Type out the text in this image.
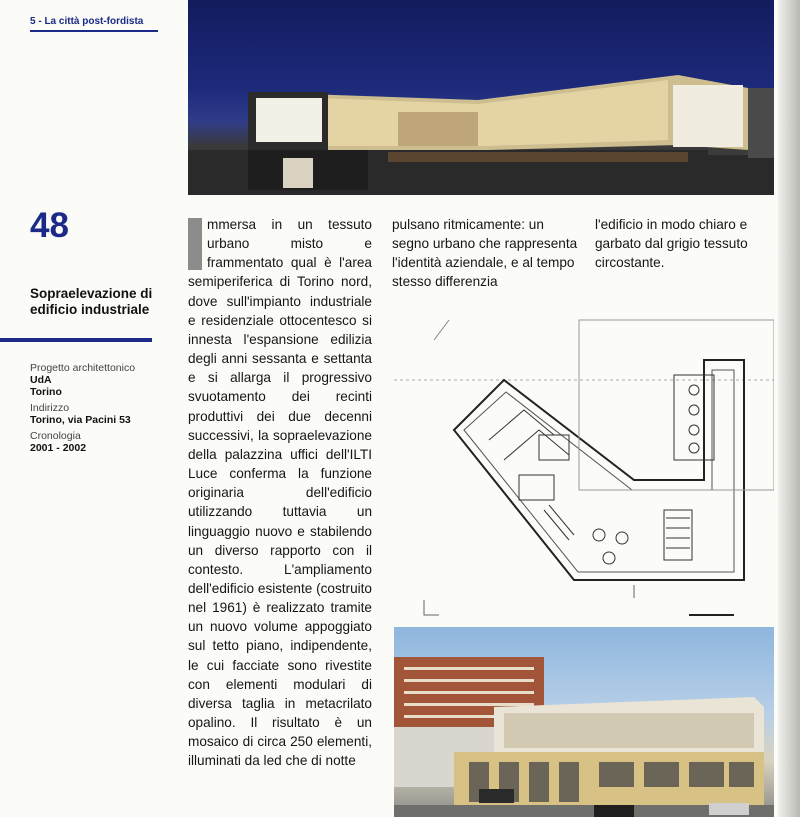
5 - La città post-fordista
48
Sopraelevazione di edificio industriale
Progetto architettonico
UdA
Torino
Indirizzo
Torino, via Pacini 53
Cronologia
2001 - 2002
mmersa in un tessuto urbano misto e frammentato qual è l'area semiperiferica di Torino nord, dove sull'impianto industriale e residenziale ottocentesco si innesta l'espansione edilizia degli anni sessanta e settanta e si allarga il progressivo svuotamento dei recinti produttivi dei due decenni successivi, la sopraelevazione della palazzina uffici dell'ILTI Luce conferma la funzione originaria dell'edificio utilizzando tuttavia un linguaggio nuovo e stabilendo un diverso rapporto con il contesto. L'ampliamento dell'edificio esistente (costruito nel 1961) è realizzato tramite un nuovo volume appoggiato sul tetto piano, indipendente, le cui facciate sono rivestite con elementi modulari di diversa taglia in metacrilato opalino. Il risultato è un mosaico di circa 250 elementi, illuminati da led che di notte
pulsano ritmicamente: un segno urbano che rappresenta l'identità aziendale, e al tempo stesso differenzia
l'edificio in modo chiaro e garbato dal grigio tessuto circostante.
